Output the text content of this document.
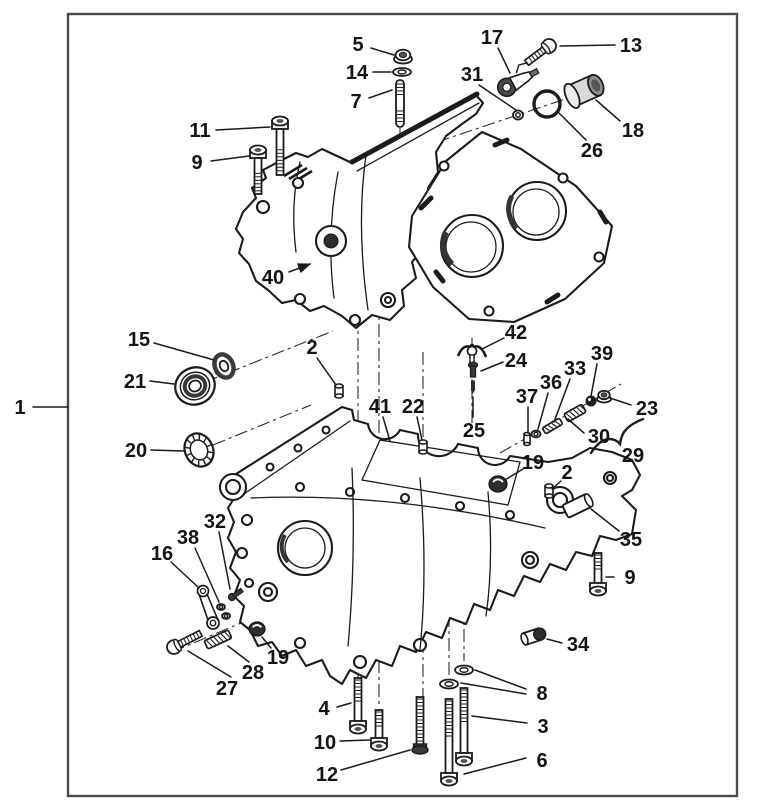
1
5
14
7
17	13
31
26
18
11
9
40
15
21
2
20
41 22
42
24
25
37
36
33
39
23
30
29
19 2
35
9
34
8
3
6
4
10
12
16
38
32
27
28
19
